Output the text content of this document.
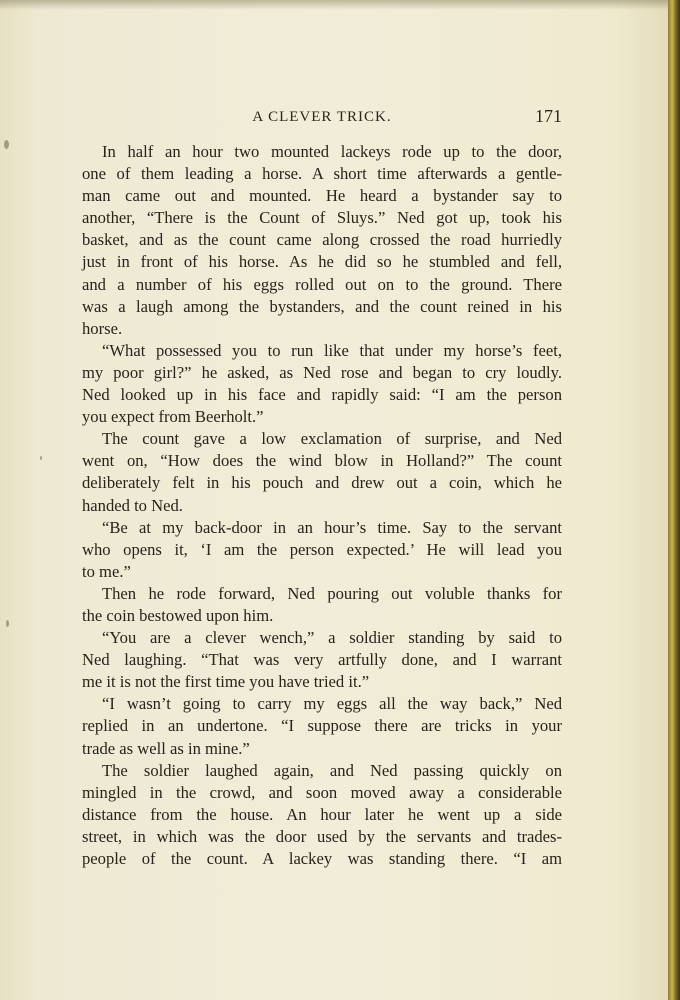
A CLEVER TRICK.	171
In half an hour two mounted lackeys rode up to the door,
one of them leading a horse. A short time afterwards a gentle-
man came out and mounted. He heard a bystander say to
another, “There is the Count of Sluys.” Ned got up, took his
basket, and as the count came along crossed the road hurriedly
just in front of his horse. As he did so he stumbled and fell,
and a number of his eggs rolled out on to the ground. There
was a laugh among the bystanders, and the count reined in his
horse.
“What possessed you to run like that under my horse’s feet,
my poor girl?” he asked, as Ned rose and began to cry loudly.
Ned looked up in his face and rapidly said: “I am the person
you expect from Beerholt.”
The count gave a low exclamation of surprise, and Ned
went on, “How does the wind blow in Holland?” The count
deliberately felt in his pouch and drew out a coin, which he
handed to Ned.
“Be at my back-door in an hour’s time. Say to the servant
who opens it, ‘I am the person expected.’ He will lead you
to me.”
Then he rode forward, Ned pouring out voluble thanks for
the coin bestowed upon him.
“You are a clever wench,” a soldier standing by said to
Ned laughing. “That was very artfully done, and I warrant
me it is not the first time you have tried it.”
“I wasn’t going to carry my eggs all the way back,” Ned
replied in an undertone. “I suppose there are tricks in your
trade as well as in mine.”
The soldier laughed again, and Ned passing quickly on
mingled in the crowd, and soon moved away a considerable
distance from the house. An hour later he went up a side
street, in which was the door used by the servants and trades-
people of the count. A lackey was standing there. “I am
